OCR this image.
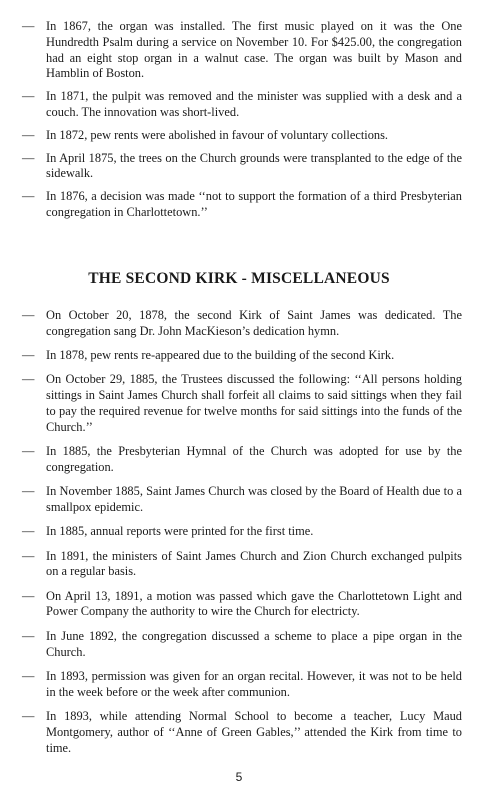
— In 1867, the organ was installed. The first music played on it was the One Hundredth Psalm during a service on November 10. For $425.00, the congregation had an eight stop organ in a walnut case. The organ was built by Mason and Hamblin of Boston.
— In 1871, the pulpit was removed and the minister was supplied with a desk and a couch. The innovation was short-lived.
— In 1872, pew rents were abolished in favour of voluntary collections.
— In April 1875, the trees on the Church grounds were transplanted to the edge of the sidewalk.
— In 1876, a decision was made ‘‘not to support the formation of a third Presbyterian congregation in Charlottetown.’’
THE SECOND KIRK - MISCELLANEOUS
— On October 20, 1878, the second Kirk of Saint James was dedicated. The congregation sang Dr. John MacKieson’s dedication hymn.
— In 1878, pew rents re-appeared due to the building of the second Kirk.
— On October 29, 1885, the Trustees discussed the following: ‘‘All persons holding sittings in Saint James Church shall forfeit all claims to said sittings when they fail to pay the required revenue for twelve months for said sittings into the funds of the Church.’’
— In 1885, the Presbyterian Hymnal of the Church was adopted for use by the congregation.
— In November 1885, Saint James Church was closed by the Board of Health due to a smallpox epidemic.
— In 1885, annual reports were printed for the first time.
— In 1891, the ministers of Saint James Church and Zion Church exchanged pulpits on a regular basis.
— On April 13, 1891, a motion was passed which gave the Charlottetown Light and Power Company the authority to wire the Church for electricty.
— In June 1892, the congregation discussed a scheme to place a pipe organ in the Church.
— In 1893, permission was given for an organ recital. However, it was not to be held in the week before or the week after communion.
— In 1893, while attending Normal School to become a teacher, Lucy Maud Montgomery, author of ‘‘Anne of Green Gables,’’ attended the Kirk from time to time.
5
